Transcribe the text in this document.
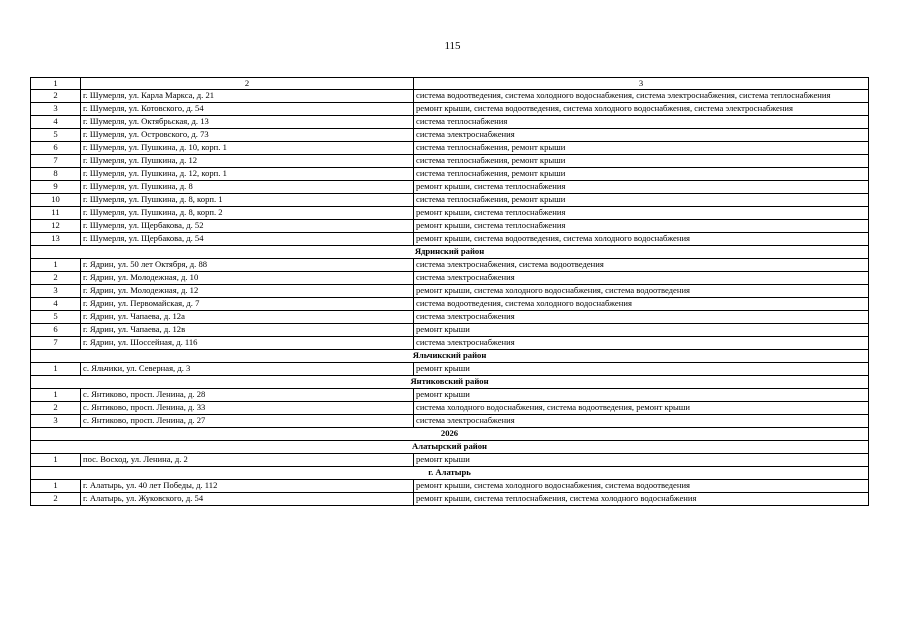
115
1	2	3
2	г. Шумерля, ул. Карла Маркса, д. 21	система водоотведения, система холодного водоснабжения, система электроснабжения, система теплоснабжения
3	г. Шумерля, ул. Котовского, д. 54	ремонт крыши, система водоотведения, система холодного водоснабжения, система электроснабжения
4	г. Шумерля, ул. Октябрьская, д. 13	система теплоснабжения
5	г. Шумерля, ул. Островского, д. 73	система электроснабжения
6	г. Шумерля, ул. Пушкина, д. 10, корп. 1	система теплоснабжения, ремонт крыши
7	г. Шумерля, ул. Пушкина, д. 12	система теплоснабжения, ремонт крыши
8	г. Шумерля, ул. Пушкина, д. 12, корп. 1	система теплоснабжения, ремонт крыши
9	г. Шумерля, ул. Пушкина, д. 8	ремонт крыши, система теплоснабжения
10	г. Шумерля, ул. Пушкина, д. 8, корп. 1	система теплоснабжения, ремонт крыши
11	г. Шумерля, ул. Пушкина, д. 8, корп. 2	ремонт крыши, система теплоснабжения
12	г. Шумерля, ул. Щербакова, д. 52	ремонт крыши, система теплоснабжения
13	г. Шумерля, ул. Щербакова, д. 54	ремонт крыши, система водоотведения, система холодного водоснабжения
Ядринский район		
1	г. Ядрин, ул. 50 лет Октября, д. 88	система электроснабжения, система водоотведения
2	г. Ядрин, ул. Молодежная, д. 10	система электроснабжения
3	г. Ядрин, ул. Молодежная, д. 12	ремонт крыши, система холодного водоснабжения, система водоотведения
4	г. Ядрин, ул. Первомайская, д. 7	система водоотведения, система холодного водоснабжения
5	г. Ядрин, ул. Чапаева, д. 12а	система электроснабжения
6	г. Ядрин, ул. Чапаева, д. 12в	ремонт крыши
7	г. Ядрин, ул. Шоссейная, д. 116	система электроснабжения
Яльчикский район		
1	с. Яльчики, ул. Северная, д. 3	ремонт крыши
Янтиковский район		
1	с. Янтиково, просп. Ленина, д. 28	ремонт крыши
2	с. Янтиково, просп. Ленина, д. 33	система холодного водоснабжения, система водоотведения, ремонт крыши
3	с. Янтиково, просп. Ленина, д. 27	система электроснабжения
2026		
Алатырский район		
1	пос. Восход, ул. Ленина, д. 2	ремонт крыши
г. Алатырь		
1	г. Алатырь, ул. 40 лет Победы, д. 112	ремонт крыши, система холодного водоснабжения, система водоотведения
2	г. Алатырь, ул. Жуковского, д. 54	ремонт крыши, система теплоснабжения, система холодного водоснабжения
